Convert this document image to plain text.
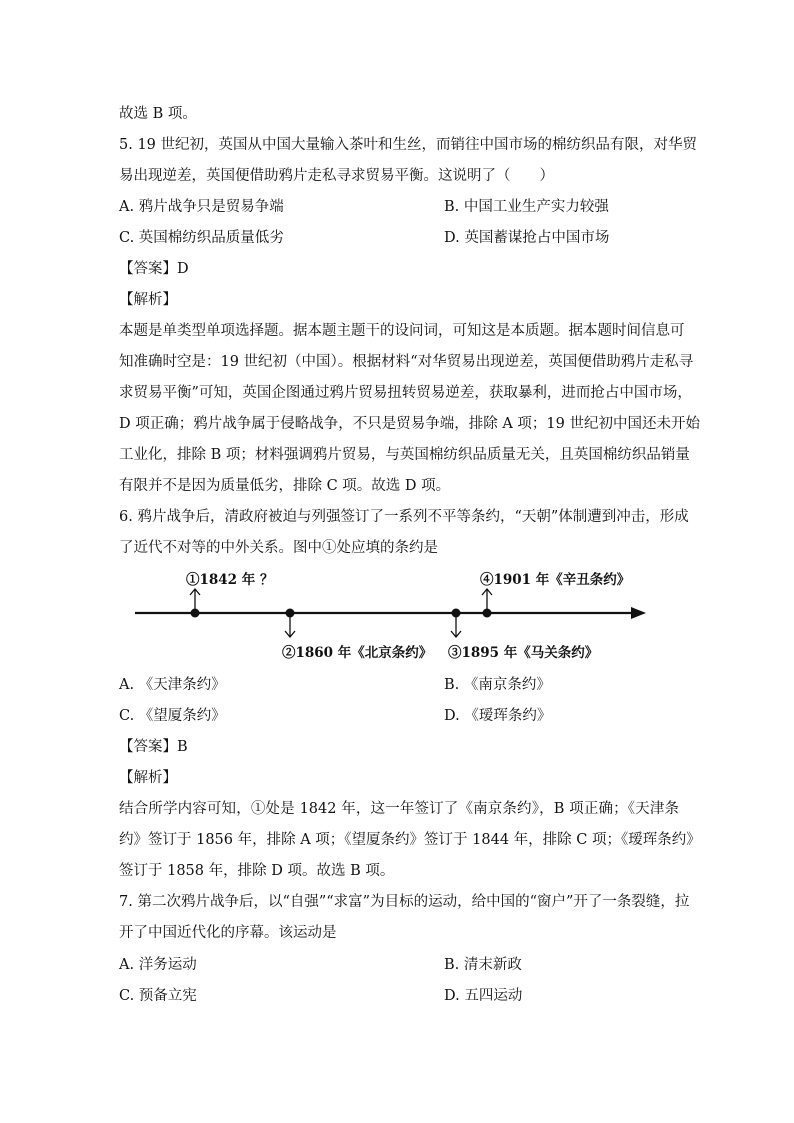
故选 B 项。
5. 19 世纪初，英国从中国大量输入茶叶和生丝，而销往中国市场的棉纺织品有限，对华贸
易出现逆差，英国便借助鸦片走私寻求贸易平衡。这说明了（　　）
A. 鸦片战争只是贸易争端	B. 中国工业生产实力较强
C. 英国棉纺织品质量低劣	D. 英国蓄谋抢占中国市场
【答案】D
【解析】
本题是单类型单项选择题。据本题主题干的设问词，可知这是本质题。据本题时间信息可
知准确时空是：19 世纪初（中国）。根据材料“对华贸易出现逆差，英国便借助鸦片走私寻
求贸易平衡”可知，英国企图通过鸦片贸易扭转贸易逆差，获取暴利，进而抢占中国市场，
D 项正确；鸦片战争属于侵略战争，不只是贸易争端，排除 A 项；19 世纪初中国还未开始
工业化，排除 B 项；材料强调鸦片贸易，与英国棉纺织品质量无关，且英国棉纺织品销量
有限并不是因为质量低劣，排除 C 项。故选 D 项。
6. 鸦片战争后，清政府被迫与列强签订了一系列不平等条约，“天朝”体制遭到冲击，形成
了近代不对等的中外关系。图中①处应填的条约是
①1842 年 ？
②1860 年《北京条约》 ③1895 年《马关条约》
④1901 年《辛丑条约》
A. 《天津条约》	B. 《南京条约》
C. 《望厦条约》	D. 《瑷珲条约》
【答案】B
【解析】
结合所学内容可知，①处是 1842 年，这一年签订了《南京条约》，B 项正确；《天津条
约》签订于 1856 年，排除 A 项；《望厦条约》签订于 1844 年，排除 C 项；《瑷珲条约》
签订于 1858 年，排除 D 项。故选 B 项。
7. 第二次鸦片战争后，以“自强”“求富”为目标的运动，给中国的“窗户”开了一条裂缝，拉
开了中国近代化的序幕。该运动是
A. 洋务运动	B. 清末新政
C. 预备立宪	D. 五四运动
